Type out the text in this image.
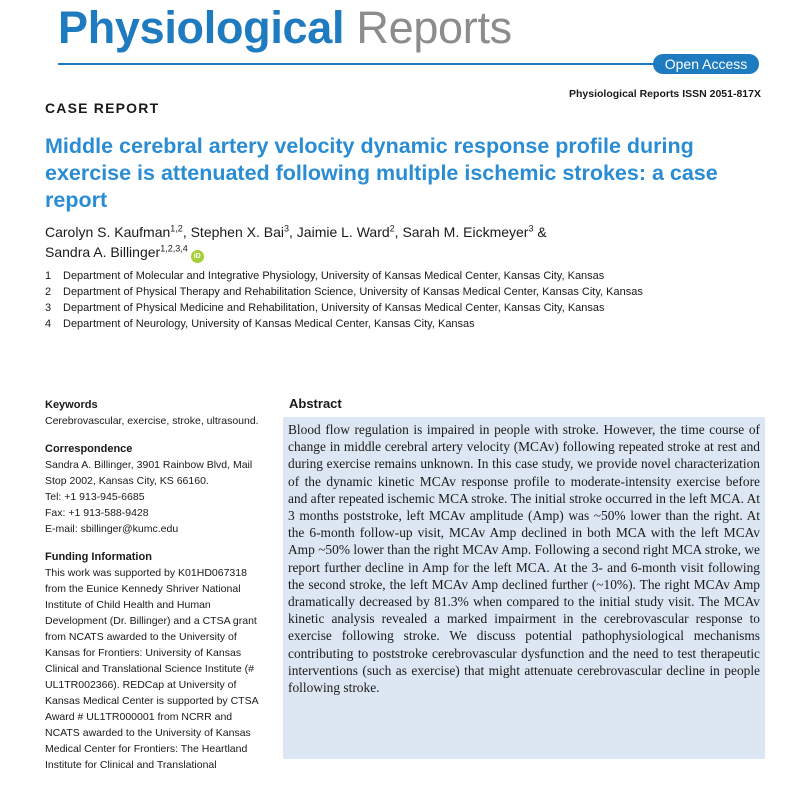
Physiological Reports
Open Access
CASE REPORT
Physiological Reports ISSN 2051-817X
Middle cerebral artery velocity dynamic response profile during exercise is attenuated following multiple ischemic strokes: a case report
Carolyn S. Kaufman$^{1,2}$, Stephen X. Bai$^3$, Jaimie L. Ward$^2$, Sarah M. Eickmeyer$^3$ &
Sandra A. Billinger$^{1,2,3,4}$iD
1 Department of Molecular and Integrative Physiology, University of Kansas Medical Center, Kansas City, Kansas
2 Department of Physical Therapy and Rehabilitation Science, University of Kansas Medical Center, Kansas City, Kansas
3 Department of Physical Medicine and Rehabilitation, University of Kansas Medical Center, Kansas City, Kansas
4 Department of Neurology, University of Kansas Medical Center, Kansas City, Kansas
Keywords

Cerebrovascular, exercise, stroke, ultrasound.

Correspondence

Sandra A. Billinger, 3901 Rainbow Blvd, Mail

Stop 2002, Kansas City, KS 66160.

Tel: +1 913-945-6685

Fax: +1 913-588-9428

E-mail: sbillinger@kumc.edu

Funding Information

This work was supported by K01HD067318

from the Eunice Kennedy Shriver National

Institute of Child Health and Human

Development (Dr. Billinger) and a CTSA grant

from NCATS awarded to the University of

Kansas for Frontiers: University of Kansas

Clinical and Translational Science Institute (#

UL1TR002366). REDCap at University of

Kansas Medical Center is supported by CTSA

Award # UL1TR000001 from NCRR and

NCATS awarded to the University of Kansas

Medical Center for Frontiers: The Heartland

Institute for Clinical and Translational

Abstract
Blood flow regulation is impaired in people with stroke. However, the time course of change in middle cerebral artery velocity (MCAv) following repeated stroke at rest and during exercise remains unknown. In this case study, we provide novel characterization of the dynamic kinetic MCAv response profile to moderate-intensity exercise before and after repeated ischemic MCA stroke. The initial stroke occurred in the left MCA. At 3 months poststroke, left MCAv amplitude (Amp) was ~50% lower than the right. At the 6-month follow-up visit, MCAv Amp declined in both MCA with the left MCAv Amp ~50% lower than the right MCAv Amp. Following a second right MCA stroke, we report further decline in Amp for the left MCA. At the 3- and 6-month visit following the second stroke, the left MCAv Amp declined further (~10%). The right MCAv Amp dramatically decreased by 81.3% when compared to the initial study visit. The MCAv kinetic analysis revealed a marked impairment in the cerebrovascular response to exercise following stroke. We discuss potential pathophysiological mechanisms contributing to poststroke cerebrovascular dysfunction and the need to test therapeutic interventions (such as exercise) that might attenuate cerebrovascular decline in people following stroke.
